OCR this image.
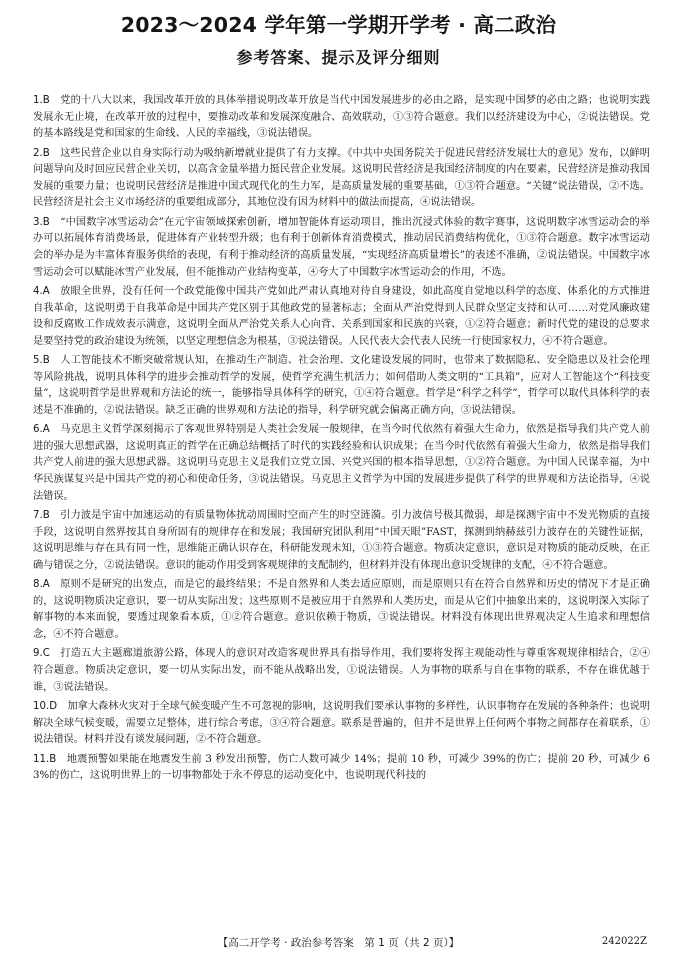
2023～2024 学年第一学期开学考 · 高二政治
参考答案、提示及评分细则

1.B　 党的十八大以来，我国改革开放的具体举措说明改革开放是当代中国发展进步的必由之路，是实现中国梦的必由之路；也说明实践发展永无止境，在改革开放的过程中，要推动改革和发展深度融合、高效联动，①③符合题意。我们以经济建设为中心，②说法错误。党的基本路线是党和国家的生命线、人民的幸福线，③说法错误。

2.B　 这些民营企业以自身实际行动为吸纳新增就业提供了有力支撑。《中共中央国务院关于促进民营经济发展壮大的意见》发布，以鲜明问题导向及时回应民营企业关切，以高含金量举措力挺民营企业发展。这说明民营经济是我国经济制度的内在要素，民营经济是推动我国发展的重要力量；也说明民营经济是推进中国式现代化的生力军，是高质量发展的重要基础，①③符合题意。“关键”说法错误，②不选。民营经济是社会主义市场经济的重要组成部分，其地位没有因为材料中的做法而提高，④说法错误。

3.B　 “中国数字冰雪运动会”在元宇宙领域探索创新，增加智能体育运动项目，推出沉浸式体验的数字赛事，这说明数字冰雪运动会的举办可以拓展体育消费场景，促进体育产业转型升级；也有利于创新体育消费模式，推动居民消费结构优化，①③符合题意。数字冰雪运动会的举办是为丰富体育服务供给的表现，有利于推动经济的高质量发展，“实现经济高质量增长”的表述不准确，②说法错误。中国数字冰雪运动会可以赋能冰雪产业发展，但不能推动产业结构变革，④夸大了中国数字冰雪运动会的作用，不选。

4.A　 放眼全世界，没有任何一个政党能像中国共产党如此严肃认真地对待自身建设，如此高度自觉地以科学的态度、体系化的方式推进自我革命，这说明勇于自我革命是中国共产党区别于其他政党的显著标志；全面从严治党得到人民群众坚定支持和认可……对党风廉政建设和反腐败工作成效表示满意，这说明全面从严治党关系人心向背、关系到国家和民族的兴衰，①②符合题意；新时代党的建设的总要求是要坚持党的政治建设为统领，以坚定理想信念为根基，③说法错误。人民代表大会代表人民统一行使国家权力，④不符合题意。

5.B　 人工智能技术不断突破常规认知，在推动生产制造、社会治理、文化建设发展的同时，也带来了数据隐私、安全隐患以及社会伦理等风险挑战，说明具体科学的进步会推动哲学的发展，使哲学充满生机活力；如何借助人类文明的“工具箱”，应对人工智能这个“科技变量”，这说明哲学是世界观和方法论的统一，能够指导具体科学的研究，①④符合题意。哲学是“科学之科学”，哲学可以取代具体科学的表述是不准确的，②说法错误。缺乏正确的世界观和方法论的指导，科学研究就会偏离正确方向，③说法错误。

6.A　 马克思主义哲学深刻揭示了客观世界特别是人类社会发展一般规律，在当今时代依然有着强大生命力，依然是指导我们共产党人前进的强大思想武器，这说明真正的哲学在正确总结概括了时代的实践经验和认识成果；在当今时代依然有着强大生命力，依然是指导我们共产党人前进的强大思想武器。这说明马克思主义是我们立党立国、兴党兴国的根本指导思想，①②符合题意。为中国人民谋幸福，为中华民族谋复兴是中国共产党的初心和使命任务，③说法错误。马克思主义哲学为中国的发展进步提供了科学的世界观和方法论指导，④说法错误。

7.B　 引力波是宇宙中加速运动的有质量物体扰动周围时空而产生的时空涟漪。引力波信号极其微弱，却是探测宇宙中不发光物质的直接手段，这说明自然界按其自身所固有的规律存在和发展；我国研究团队利用“中国天眼”FAST，探测到纳赫兹引力波存在的关键性证据，这说明思维与存在具有同一性，思维能正确认识存在，科研能发现未知，①③符合题意。物质决定意识，意识是对物质的能动反映，在正确与错误之分，②说法错误。意识的能动作用受到客观规律的支配制约，但材料并没有体现出意识受规律的支配，④不符合题意。

8.A　 原则不是研究的出发点，而是它的最终结果；不是自然界和人类去适应原则，而是原则只有在符合自然界和历史的情况下才是正确的，这说明物质决定意识，要一切从实际出发；这些原则不是被应用于自然界和人类历史，而是从它们中抽象出来的，这说明深入实际了解事物的本来面貌，要透过现象看本质，①②符合题意。意识依赖于物质，③说法错误。材料没有体现出世界观决定人生追求和理想信念，④不符合题意。

9.C　 打造五大主题廊道旅游公路，体现人的意识对改造客观世界具有指导作用，我们要将发挥主观能动性与尊重客观规律相结合，②④符合题意。物质决定意识，要一切从实际出发，而不能从战略出发，①说法错误。人为事物的联系与自在事物的联系，不存在谁优越于谁，③说法错误。

10.D　 加拿大森林火灾对于全球气候变暖产生不可忽视的影响，这说明我们要承认事物的多样性，认识事物存在发展的各种条件；也说明解决全球气候变暖，需要立足整体，进行综合考虑，③④符合题意。联系是普遍的，但并不是世界上任何两个事物之间都存在着联系，①说法错误。材料并没有谈发展问题，②不符合题意。

11.B　 地震预警如果能在地震发生前 3 秒发出预警，伤亡人数可减少 14%；提前 10 秒，可减少 39%的伤亡；提前 20 秒，可减少 63%的伤亡，这说明世界上的一切事物都处于永不停息的运动变化中，也说明现代科技的

【高二开学考 · 政治参考答案　第 1 页（共 2 页）】	242022Z
